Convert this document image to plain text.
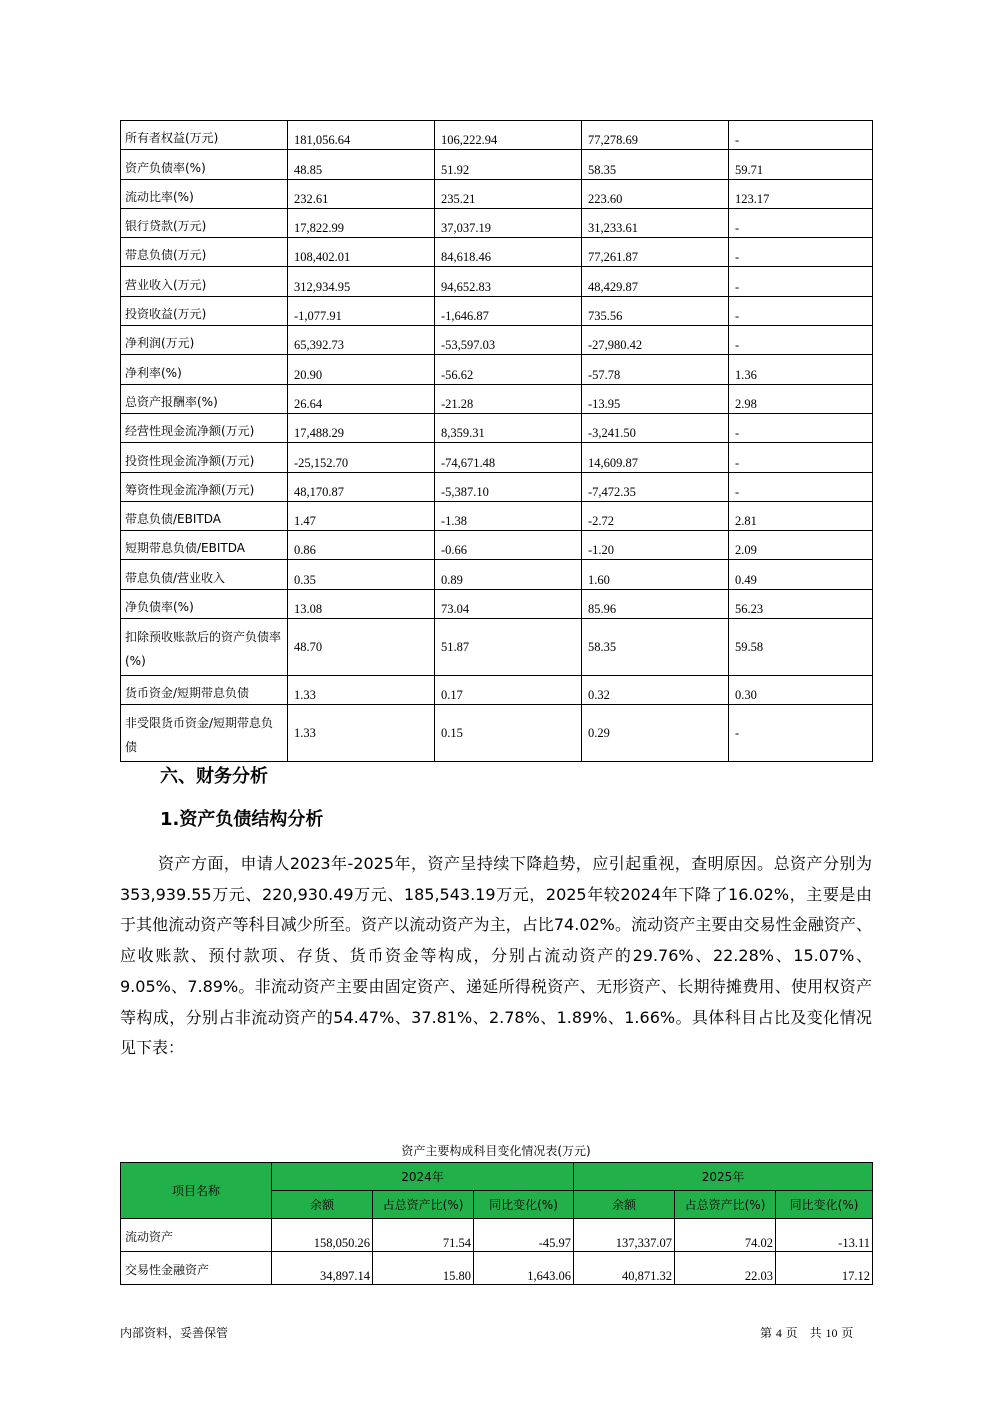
所有者权益(万元)	181,056.64	106,222.94	77,278.69	-
资产负债率(%)	48.85	51.92	58.35	59.71
流动比率(%)	232.61	235.21	223.60	123.17
银行贷款(万元)	17,822.99	37,037.19	31,233.61	-
带息负债(万元)	108,402.01	84,618.46	77,261.87	-
营业收入(万元)	312,934.95	94,652.83	48,429.87	-
投资收益(万元)	-1,077.91	-1,646.87	735.56	-
净利润(万元)	65,392.73	-53,597.03	-27,980.42	-
净利率(%)	20.90	-56.62	-57.78	1.36
总资产报酬率(%)	26.64	-21.28	-13.95	2.98
经营性现金流净额(万元)	17,488.29	8,359.31	-3,241.50	-
投资性现金流净额(万元)	-25,152.70	-74,671.48	14,609.87	-
筹资性现金流净额(万元)	48,170.87	-5,387.10	-7,472.35	-
带息负债/EBITDA	1.47	-1.38	-2.72	2.81
短期带息负债/EBITDA	0.86	-0.66	-1.20	2.09
带息负债/营业收入	0.35	0.89	1.60	0.49
净负债率(%)	13.08	73.04	85.96	56.23
扣除预收账款后的资产负债率(%)	48.70	51.87	58.35	59.58
货币资金/短期带息负债	1.33	0.17	0.32	0.30
非受限货币资金/短期带息负债	1.33	0.15	0.29	-
六、财务分析
1.资产负债结构分析

资产方面，申请人2023年-2025年，资产呈持续下降趋势，应引起重视，查明原因。总资产分别为353,939.55万元、220,930.49万元、185,543.19万元，2025年较2024年下降了16.02%，主要是由于其他流动资产等科目减少所至。资产以流动资产为主，占比74.02%。流动资产主要由交易性金融资产、应收账款、预付款项、存货、货币资金等构成，分别占流动资产的29.76%、22.28%、15.07%、9.05%、7.89%。非流动资产主要由固定资产、递延所得税资产、无形资产、长期待摊费用、使用权资产等构成，分别占非流动资产的54.47%、37.81%、2.78%、1.89%、1.66%。具体科目占比及变化情况见下表：

资产主要构成科目变化情况表(万元)
项目名称	2024年			2025年		
	余额	占总资产比(%)	同比变化(%)	余额	占总资产比(%)	同比变化(%)
流动资产	158,050.26	71.54	-45.97	137,337.07	74.02	-13.11
交易性金融资产	34,897.14	15.80	1,643.06	40,871.32	22.03	17.12
内部资料，妥善保管	第 4 页　共 10 页
